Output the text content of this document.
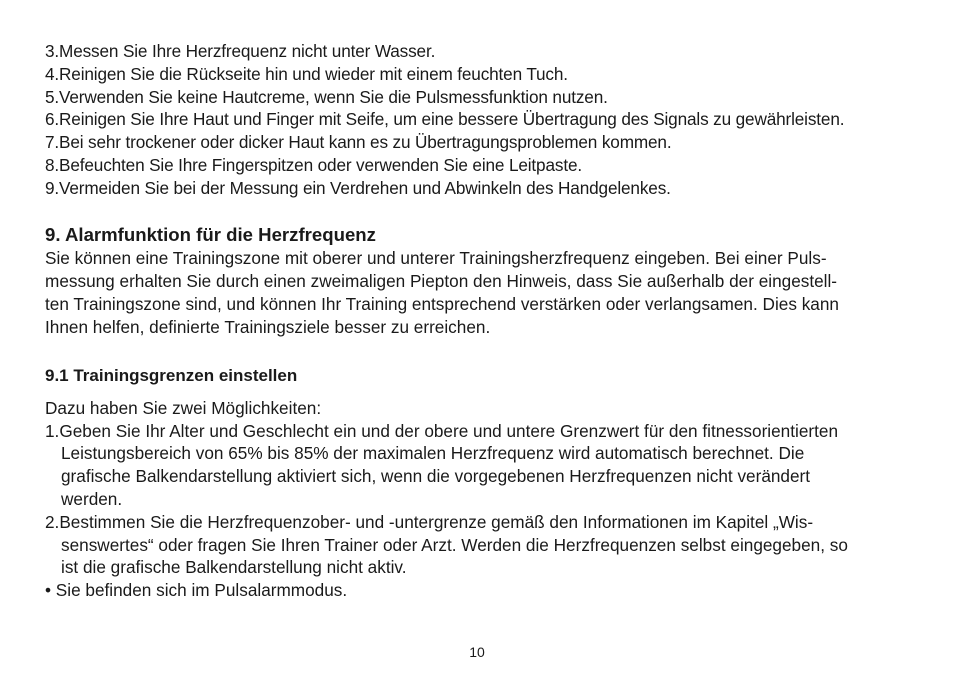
3.Messen Sie Ihre Herzfrequenz nicht unter Wasser.
4.Reinigen Sie die Rückseite hin und wieder mit einem feuchten Tuch.
5.Verwenden Sie keine Hautcreme, wenn Sie die Pulsmessfunktion nutzen.
6.Reinigen Sie Ihre Haut und Finger mit Seife, um eine bessere Übertragung des Signals zu gewährleisten.
7.Bei sehr trockener oder dicker Haut kann es zu Übertragungsproblemen kommen.
8.Befeuchten Sie Ihre Fingerspitzen oder verwenden Sie eine Leitpaste.
9.Vermeiden Sie bei der Messung ein Verdrehen und Abwinkeln des Handgelenkes.
9. Alarmfunktion für die Herzfrequenz

Sie können eine Trainingszone mit oberer und unterer Trainingsherzfrequenz eingeben. Bei einer Puls-
messung erhalten Sie durch einen zweimaligen Piepton den Hinweis, dass Sie außerhalb der eingestell-
ten Trainingszone sind, und können Ihr Training entsprechend verstärken oder verlangsamen. Dies kann
Ihnen helfen, definierte Trainingsziele besser zu erreichen.

9.1 Trainingsgrenzen einstellen

Dazu haben Sie zwei Möglichkeiten:

1.Geben Sie Ihr Alter und Geschlecht ein und der obere und untere Grenzwert für den fitnessorientierten
Leistungsbereich von 65% bis 85% der maximalen Herzfrequenz wird automatisch berechnet. Die
grafische Balkendarstellung aktiviert sich, wenn die vorgegebenen Herzfrequenzen nicht verändert
werden.
2.Bestimmen Sie die Herzfrequenzober- und -untergrenze gemäß den Informationen im Kapitel „Wis-
senswertes“ oder fragen Sie Ihren Trainer oder Arzt. Werden die Herzfrequenzen selbst eingegeben, so
ist die grafische Balkendarstellung nicht aktiv.
• Sie befinden sich im Pulsalarmmodus.
10
